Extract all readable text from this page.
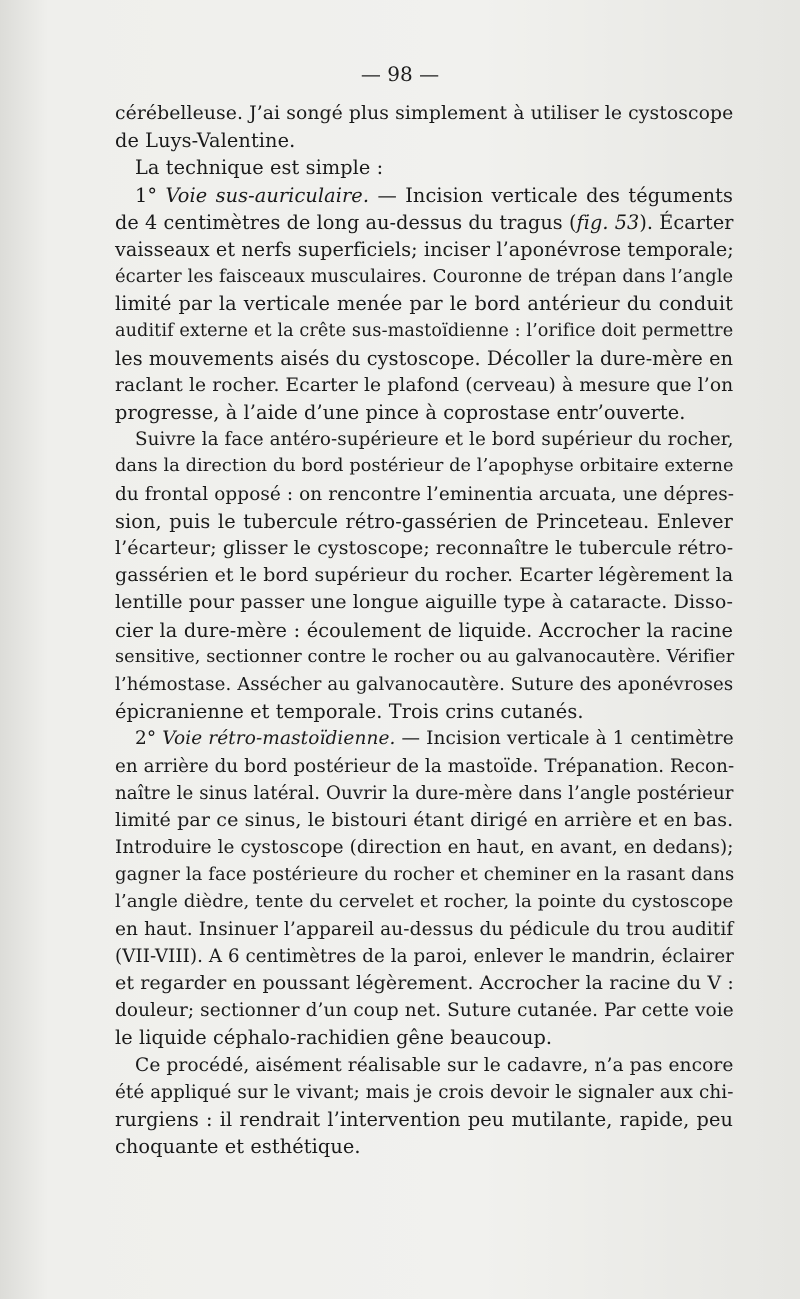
— 98 —
cérébelleuse. J’ai songé plus simplement à utiliser le cystoscope
de Luys-Valentine.
La technique est simple :
1° Voie sus-auriculaire. — Incision verticale des téguments
de 4 centimètres de long au-dessus du tragus (fig. 53). Écarter
vaisseaux et nerfs superficiels; inciser l’aponévrose temporale;
écarter les faisceaux musculaires. Couronne de trépan dans l’angle
limité par la verticale menée par le bord antérieur du conduit
auditif externe et la crête sus-mastoïdienne : l’orifice doit permettre
les mouvements aisés du cystoscope. Décoller la dure-mère en
raclant le rocher. Ecarter le plafond (cerveau) à mesure que l’on
progresse, à l’aide d’une pince à coprostase entr’ouverte.
Suivre la face antéro-supérieure et le bord supérieur du rocher,
dans la direction du bord postérieur de l’apophyse orbitaire externe
du frontal opposé : on rencontre l’eminentia arcuata, une dépres-
sion, puis le tubercule rétro-gassérien de Princeteau. Enlever
l’écarteur; glisser le cystoscope; reconnaître le tubercule rétro-
gassérien et le bord supérieur du rocher. Ecarter légèrement la
lentille pour passer une longue aiguille type à cataracte. Disso-
cier la dure-mère : écoulement de liquide. Accrocher la racine
sensitive, sectionner contre le rocher ou au galvanocautère. Vérifier
l’hémostase. Assécher au galvanocautère. Suture des aponévroses
épicranienne et temporale. Trois crins cutanés.
2° Voie rétro-mastoïdienne. — Incision verticale à 1 centimètre
en arrière du bord postérieur de la mastoïde. Trépanation. Recon-
naître le sinus latéral. Ouvrir la dure-mère dans l’angle postérieur
limité par ce sinus, le bistouri étant dirigé en arrière et en bas.
Introduire le cystoscope (direction en haut, en avant, en dedans);
gagner la face postérieure du rocher et cheminer en la rasant dans
l’angle dièdre, tente du cervelet et rocher, la pointe du cystoscope
en haut. Insinuer l’appareil au-dessus du pédicule du trou auditif
(VII-VIII). A 6 centimètres de la paroi, enlever le mandrin, éclairer
et regarder en poussant légèrement. Accrocher la racine du V :
douleur; sectionner d’un coup net. Suture cutanée. Par cette voie
le liquide céphalo-rachidien gêne beaucoup.
Ce procédé, aisément réalisable sur le cadavre, n’a pas encore
été appliqué sur le vivant; mais je crois devoir le signaler aux chi-
rurgiens : il rendrait l’intervention peu mutilante, rapide, peu
choquante et esthétique.
